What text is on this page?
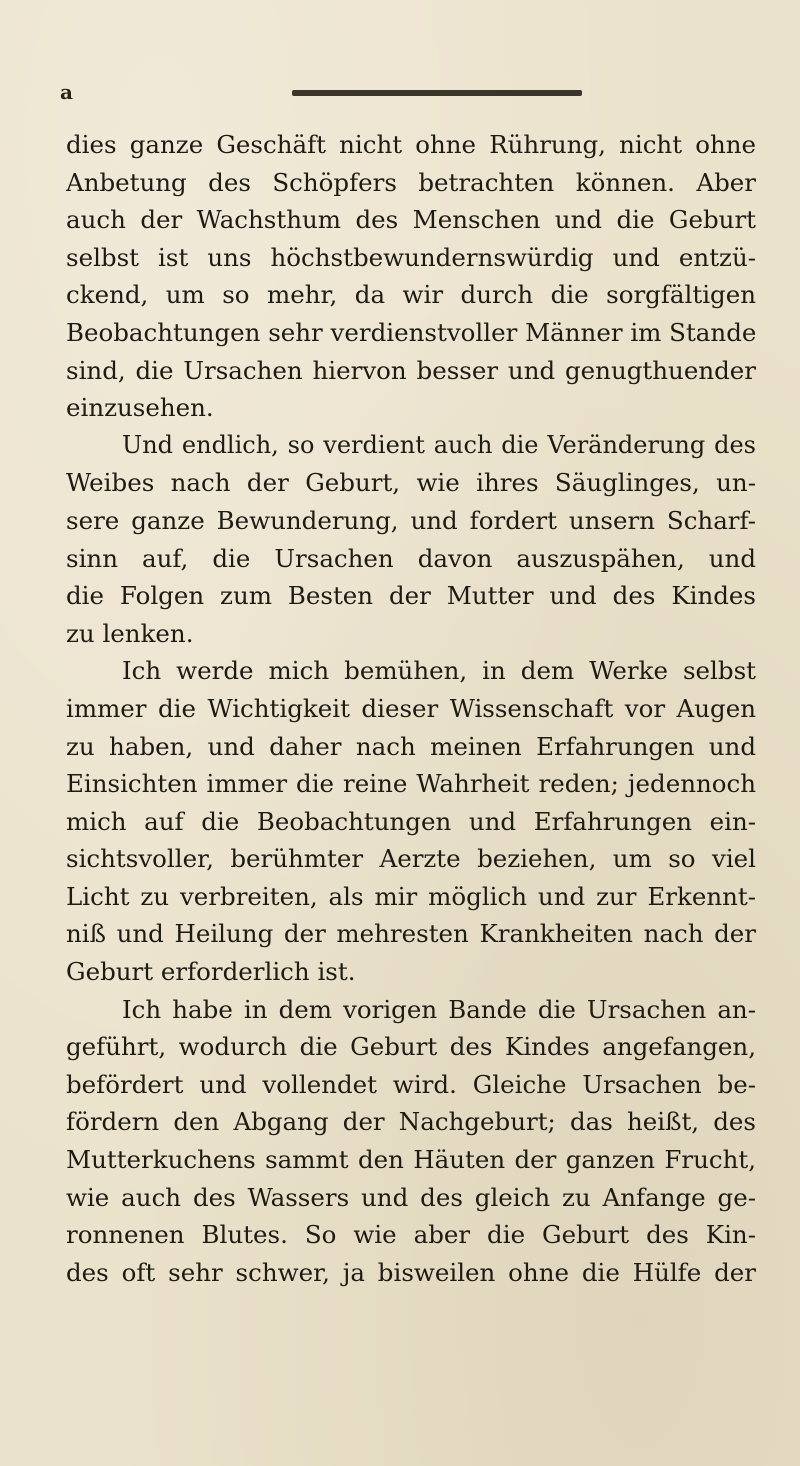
a
dies ganze Geschäft nicht ohne Rührung, nicht ohne
Anbetung des Schöpfers betrachten können. Aber
auch der Wachsthum des Menschen und die Geburt
selbst ist uns höchstbewundernswürdig und entzü-
ckend, um so mehr, da wir durch die sorgfältigen
Beobachtungen sehr verdienstvoller Männer im Stande
sind, die Ursachen hiervon besser und genugthuender
einzusehen.
Und endlich, so verdient auch die Veränderung des
Weibes nach der Geburt, wie ihres Säuglinges, un-
sere ganze Bewunderung, und fordert unsern Scharf-
sinn auf, die Ursachen davon auszuspähen, und
die Folgen zum Besten der Mutter und des Kindes
zu lenken.
Ich werde mich bemühen, in dem Werke selbst
immer die Wichtigkeit dieser Wissenschaft vor Augen
zu haben, und daher nach meinen Erfahrungen und
Einsichten immer die reine Wahrheit reden; jedennoch
mich auf die Beobachtungen und Erfahrungen ein-
sichtsvoller, berühmter Aerzte beziehen, um so viel
Licht zu verbreiten, als mir möglich und zur Erkennt-
niß und Heilung der mehresten Krankheiten nach der
Geburt erforderlich ist.
Ich habe in dem vorigen Bande die Ursachen an-
geführt, wodurch die Geburt des Kindes angefangen,
befördert und vollendet wird. Gleiche Ursachen be-
fördern den Abgang der Nachgeburt; das heißt, des
Mutterkuchens sammt den Häuten der ganzen Frucht,
wie auch des Wassers und des gleich zu Anfange ge-
ronnenen Blutes. So wie aber die Geburt des Kin-
des oft sehr schwer, ja bisweilen ohne die Hülfe der
